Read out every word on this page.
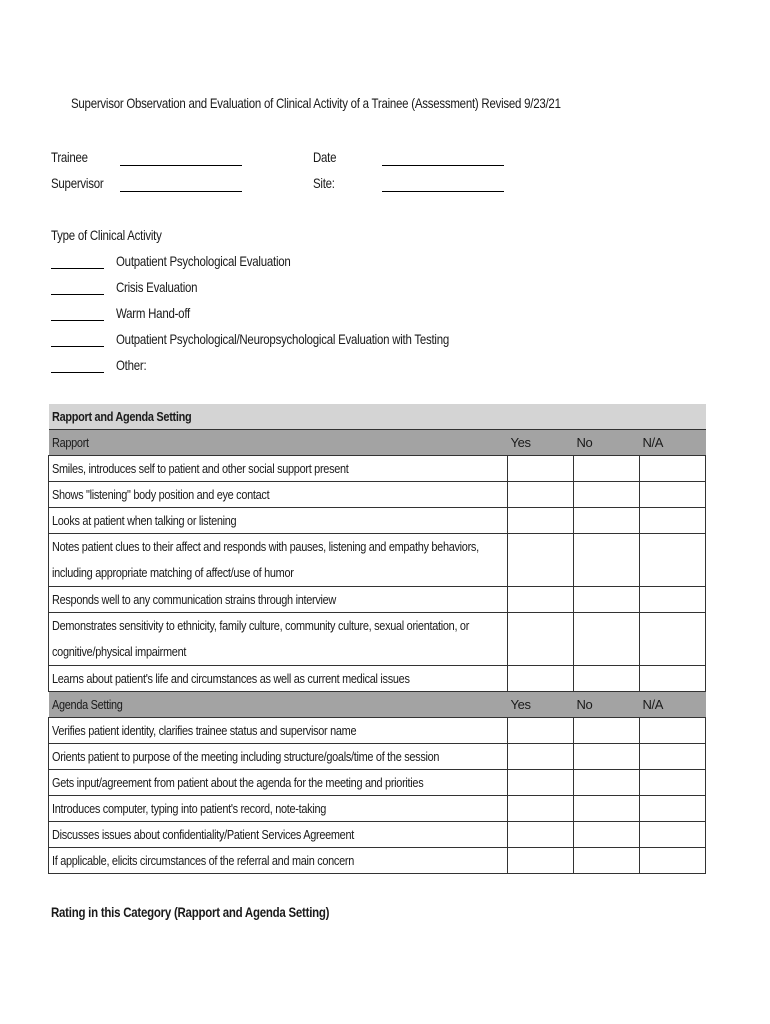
Supervisor Observation and Evaluation of Clinical Activity of a Trainee (Assessment) Revised 9/23/21
Trainee
Supervisor
Date
Site:
Type of Clinical Activity
Outpatient Psychological Evaluation
Crisis Evaluation
Warm Hand-off
Outpatient Psychological/Neuropsychological Evaluation with Testing
Other:
Rapport and Agenda Setting			
Rapport	Yes	No	N/A
Smiles, introduces self to patient and other social support present			
Shows "listening" body position and eye contact			
Looks at patient when talking or listening			
Notes patient clues to their affect and responds with pauses, listening and empathy behaviors, including appropriate matching of affect/use of humor			
Responds well to any communication strains through interview			
Demonstrates sensitivity to ethnicity, family culture, community culture, sexual orientation, or cognitive/physical impairment			
Learns about patient's life and circumstances as well as current medical issues			
Agenda Setting	Yes	No	N/A
Verifies patient identity, clarifies trainee status and supervisor name			
Orients patient to purpose of the meeting including structure/goals/time of the session			
Gets input/agreement from patient about the agenda for the meeting and priorities			
Introduces computer, typing into patient's record, note-taking			
Discusses issues about confidentiality/Patient Services Agreement			
If applicable, elicits circumstances of the referral and main concern			
Rating in this Category (Rapport and Agenda Setting)
